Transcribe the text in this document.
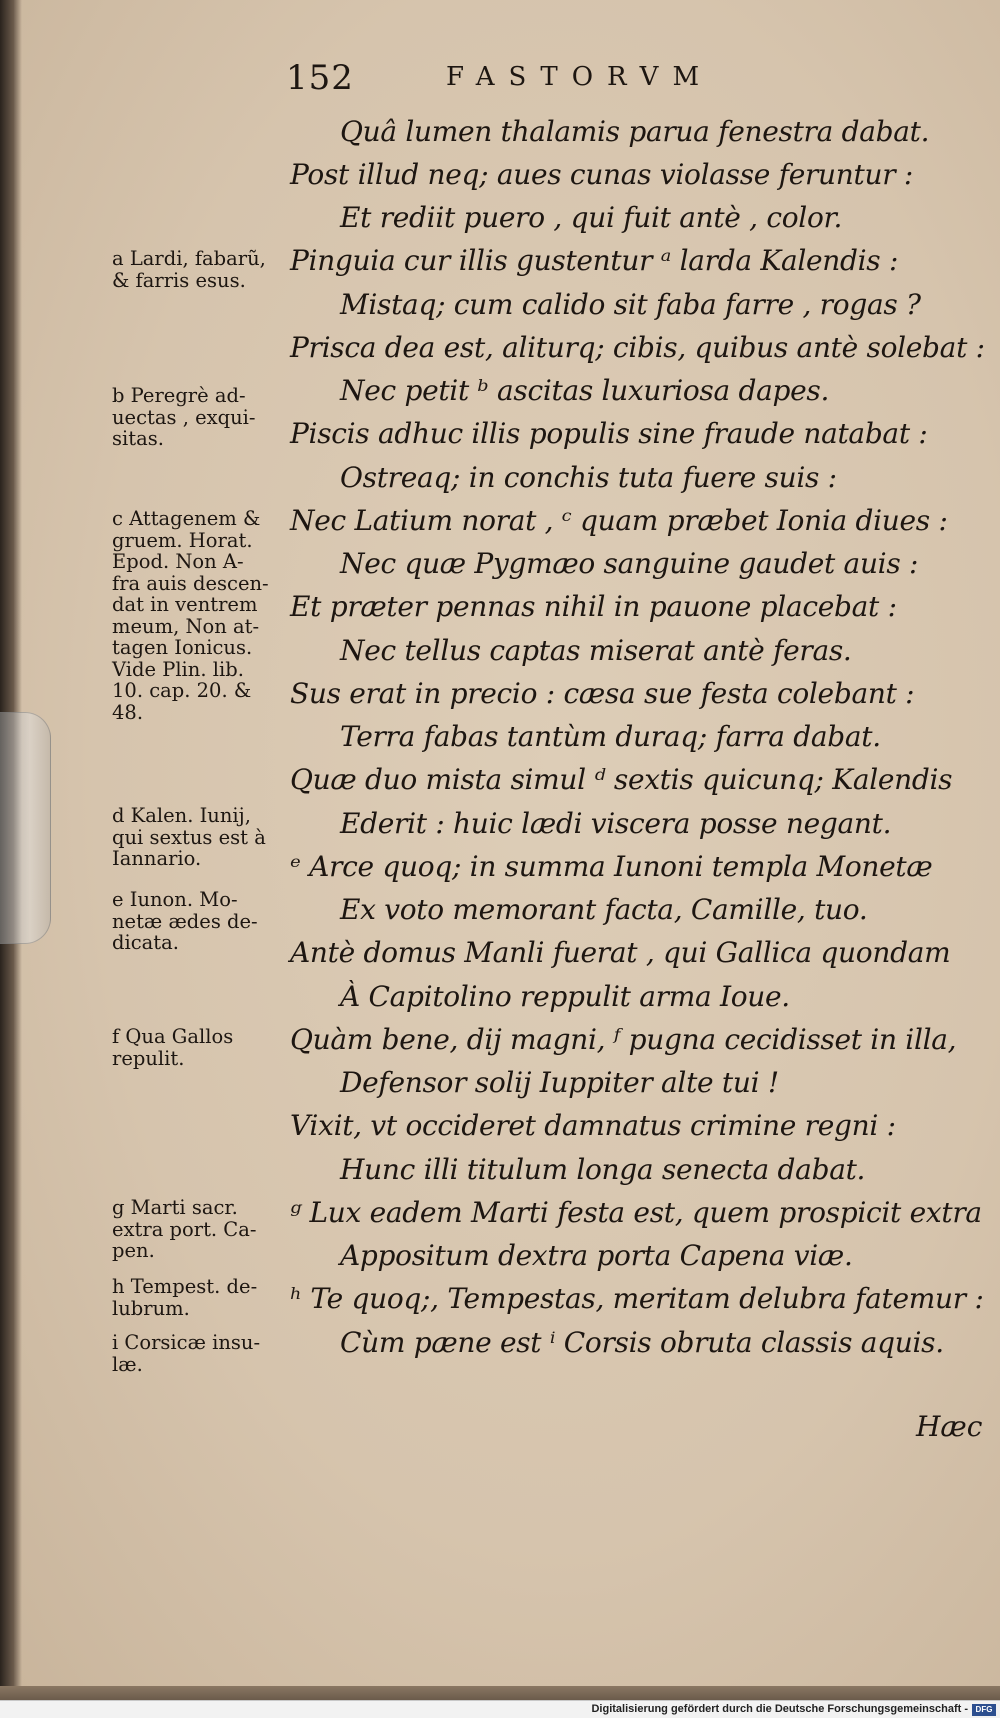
152	FASTORVM
Quâ lumen thalamis parua fenestra dabat.
Post illud neq; aues cunas violasse feruntur :
Et rediit puero , qui fuit antè , color.
Pinguia cur illis gustentur ᵃ larda Kalendis :
Mistaq; cum calido sit faba farre , rogas ?
Prisca dea est, aliturq; cibis, quibus antè solebat :
Nec petit ᵇ ascitas luxuriosa dapes.
Piscis adhuc illis populis sine fraude natabat :
Ostreaq; in conchis tuta fuere suis :
Nec Latium norat , ᶜ quam præbet Ionia diues :
Nec quæ Pygmæo sanguine gaudet auis :
Et præter pennas nihil in pauone placebat :
Nec tellus captas miserat antè feras.
Sus erat in precio : cæsa sue festa colebant :
Terra fabas tantùm duraq; farra dabat.
Quæ duo mista simul ᵈ sextis quicunq; Kalendis
Ederit : huic lædi viscera posse negant.
ᵉ Arce quoq; in summa Iunoni templa Monetæ
Ex voto memorant facta, Camille, tuo.
Antè domus Manli fuerat , qui Gallica quondam
À Capitolino reppulit arma Ioue.
Quàm bene, dij magni, ᶠ pugna cecidisset in illa,
Defensor solij Iuppiter alte tui !
Vixit, vt occideret damnatus crimine regni :
Hunc illi titulum longa senecta dabat.
ᵍ Lux eadem Marti festa est, quem prospicit extra
Appositum dextra porta Capena viæ.
ʰ Te quoq;, Tempestas, meritam delubra fatemur :
Cùm pæne est ⁱ Corsis obruta classis aquis.
a Lardi, fabarũ,
& farris esus.
b Peregrè ad-
uectas , exqui-
sitas.
c Attagenem &
gruem. Horat.
Epod. Non A-
fra auis descen-
dat in ventrem
meum, Non at-
tagen Ionicus.
Vide Plin. lib.
10. cap. 20. &
48.
d Kalen. Iunij,
qui sextus est à
Iannario.
e Iunon. Mo-
netæ ædes de-
dicata.
f Qua Gallos
repulit.
g Marti sacr.
extra port. Ca-
pen.
h Tempest. de-
lubrum.
i Corsicæ insu-
læ.
Hæc
Digitalisierung gefördert durch die Deutsche Forschungsgemeinschaft - DFG
